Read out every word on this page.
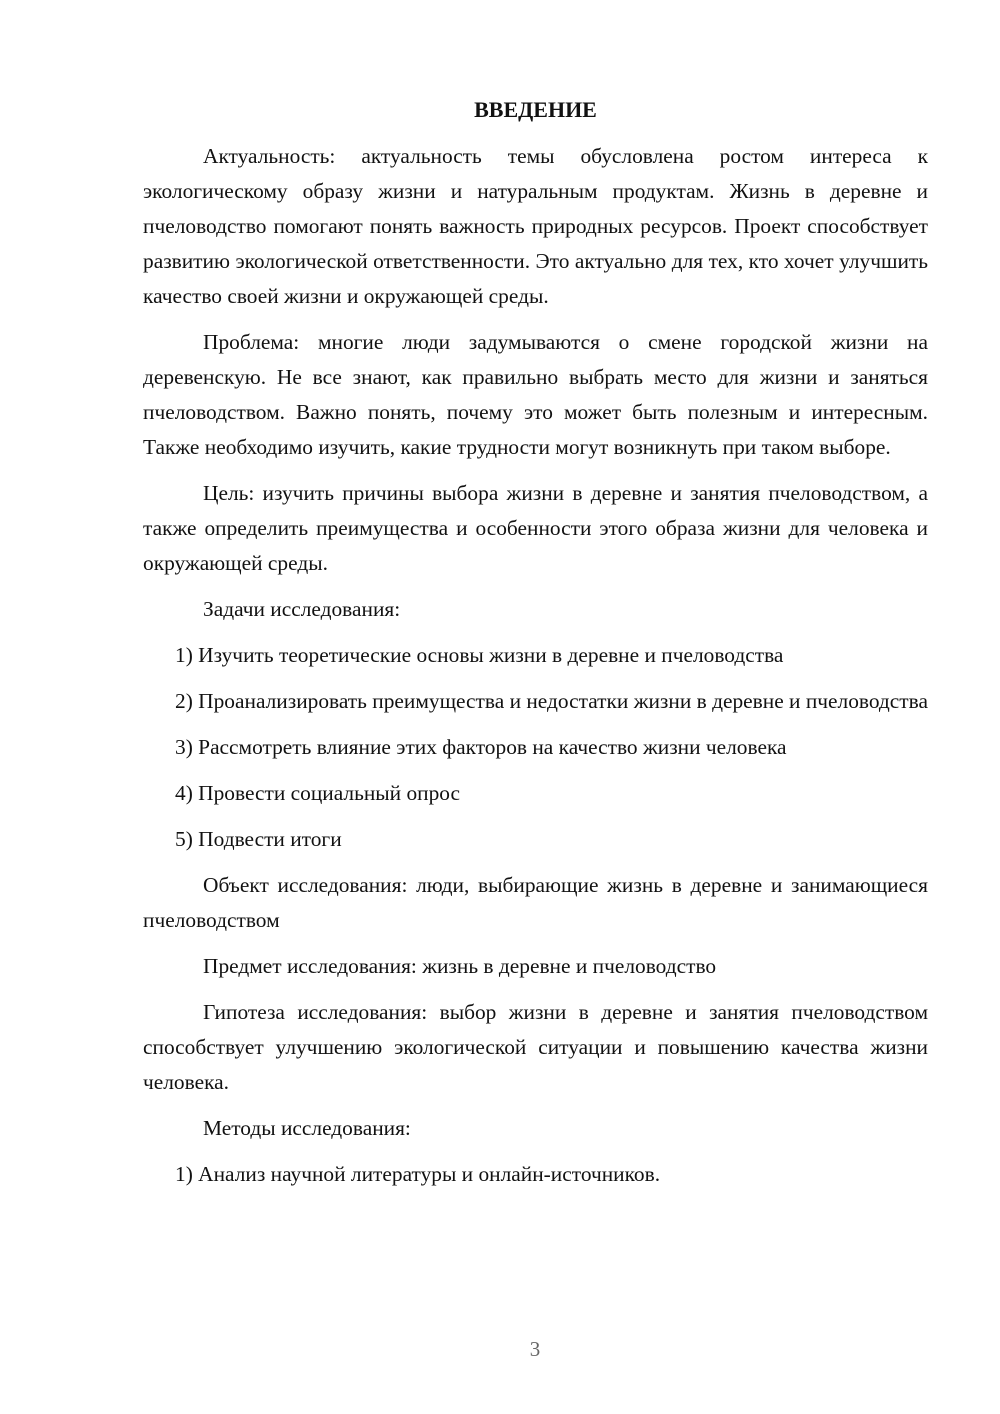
ВВЕДЕНИЕ

Актуальность: актуальность темы обусловлена ростом интереса к экологическому образу жизни и натуральным продуктам. Жизнь в деревне и пчеловодство помогают понять важность природных ресурсов. Проект способствует развитию экологической ответственности. Это актуально для тех, кто хочет улучшить качество своей жизни и окружающей среды.

Проблема: многие люди задумываются о смене городской жизни на деревенскую. Не все знают, как правильно выбрать место для жизни и заняться пчеловодством. Важно понять, почему это может быть полезным и интересным. Также необходимо изучить, какие трудности могут возникнуть при таком выборе.

Цель: изучить причины выбора жизни в деревне и занятия пчеловодством, а также определить преимущества и особенности этого образа жизни для человека и окружающей среды.

Задачи исследования:

1) Изучить теоретические основы жизни в деревне и пчеловодства

2) Проанализировать преимущества и недостатки жизни в деревне и пчеловодства

3) Рассмотреть влияние этих факторов на качество жизни человека

4) Провести социальный опрос

5) Подвести итоги

Объект исследования: люди, выбирающие жизнь в деревне и занимающиеся пчеловодством

Предмет исследования: жизнь в деревне и пчеловодство

Гипотеза исследования: выбор жизни в деревне и занятия пчеловодством способствует улучшению экологической ситуации и повышению качества жизни человека.

Методы исследования:

1) Анализ научной литературы и онлайн-источников.

3
